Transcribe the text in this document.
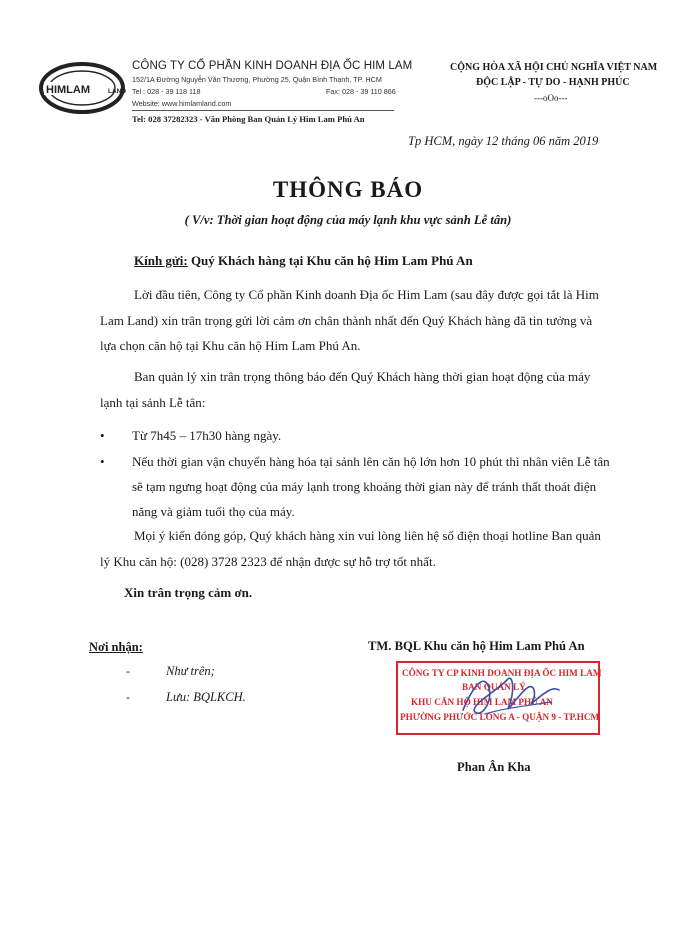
HIMLAM	LAND
CÔNG TY CỔ PHẦN KINH DOANH ĐỊA ỐC HIM LAM
152/1A Đường Nguyễn Văn Thương, Phường 25, Quận Bình Thạnh, TP. HCM
Tel : 028 - 39 118 118	Fax: 028 - 39 110 866
Website: www.himlamland.com
Tel: 028 37282323 - Văn Phòng Ban Quản Lý Him Lam Phú An
CỘNG HÒA XÃ HỘI CHỦ NGHĨA VIỆT NAM
ĐỘC LẬP - TỰ DO - HẠNH PHÚC
---oOo---
Tp HCM, ngày 12 tháng 06 năm 2019
THÔNG BÁO
( V/v: Thời gian hoạt động của máy lạnh khu vực sảnh Lễ tân)
Kính gửi: Quý Khách hàng tại Khu căn hộ Him Lam Phú An
Lời đầu tiên, Công ty Cổ phần Kinh doanh Địa ốc Him Lam (sau đây được gọi tắt là Him Lam Land) xin trân trọng gửi lời cảm ơn chân thành nhất đến Quý Khách hàng đã tin tưởng và lựa chọn căn hộ tại Khu căn hộ Him Lam Phú An.
Ban quản lý xin trân trọng thông báo đến Quý Khách hàng thời gian hoạt động của máy lạnh tại sảnh Lễ tân:
• Từ 7h45 – 17h30 hàng ngày.
• Nếu thời gian vận chuyển hàng hóa tại sảnh lên căn hộ lớn hơn 10 phút thì nhân viên Lễ tân sẽ tạm ngưng hoạt động của máy lạnh trong khoảng thời gian này để tránh thất thoát điện năng và giảm tuổi thọ của máy.
Mọi ý kiến đóng góp, Quý khách hàng xin vui lòng liên hệ số điện thoại hotline Ban quản lý Khu căn hộ: (028) 3728 2323 để nhận được sự hỗ trợ tốt nhất.
Xin trân trọng cảm ơn.
Nơi nhận:
-	Như trên;
-	Lưu: BQLKCH.
TM. BQL Khu căn hộ Him Lam Phú An
CÔNG TY CP KINH DOANH ĐỊA ỐC HIM LAM
BAN QUẢN LÝ
KHU CĂN HỘ HIM LAM PHÚ AN
PHƯỜNG PHƯỚC LONG A - QUẬN 9 - TP.HCM
Phan Ân Kha
